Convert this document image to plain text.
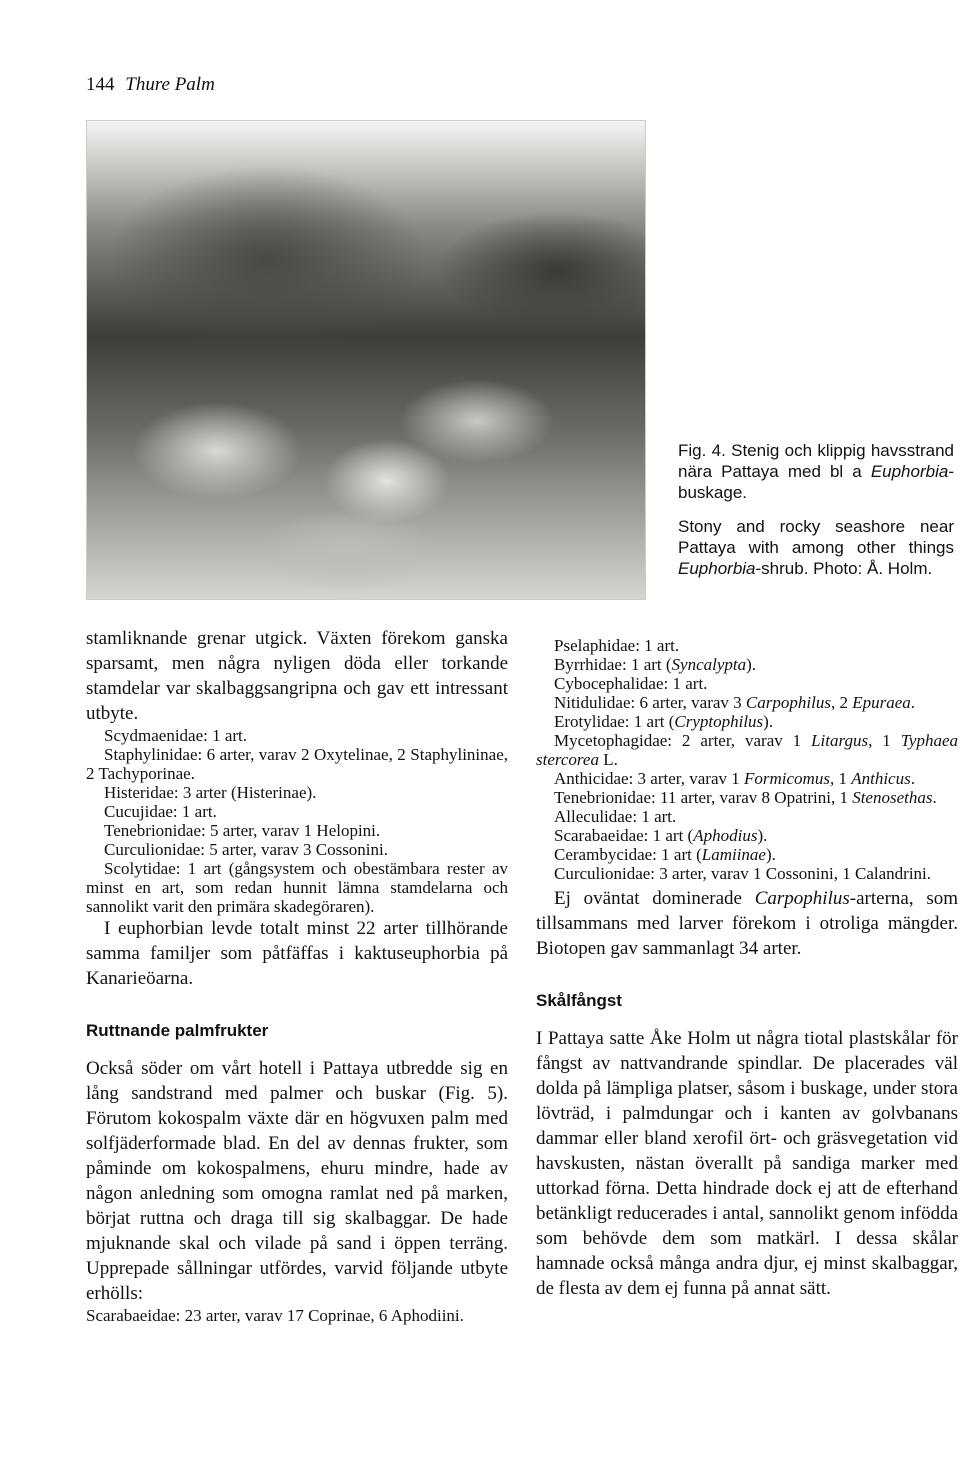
144 Thure Palm
Fig. 4. Stenig och klippig havsstrand nära Pattaya med bl a Euphorbia-buskage.
Stony and rocky seashore near Pattaya with among other things Euphorbia-shrub. Photo: Å. Holm.

stamliknande grenar utgick. Växten förekom ganska sparsamt, men några nyligen döda eller torkande stamdelar var skalbaggsangripna och gav ett intressant utbyte.

Scydmaenidae: 1 art.

Staphylinidae: 6 arter, varav 2 Oxytelinae, 2 Staphylininae, 2 Tachyporinae.

Histeridae: 3 arter (Histerinae).

Cucujidae: 1 art.

Tenebrionidae: 5 arter, varav 1 Helopini.

Curculionidae: 5 arter, varav 3 Cossonini.

Scolytidae: 1 art (gångsystem och obestämbara rester av minst en art, som redan hunnit lämna stamdelarna och sannolikt varit den primära skadegöraren).

I euphorbian levde totalt minst 22 arter tillhörande samma familjer som påtfäffas i kaktuseuphorbia på Kanarieöarna.

Ruttnande palmfrukter

Också söder om vårt hotell i Pattaya utbredde sig en lång sandstrand med palmer och buskar (Fig. 5). Förutom kokospalm växte där en högvuxen palm med solfjäderformade blad. En del av dennas frukter, som påminde om kokospalmens, ehuru mindre, hade av någon anledning som omogna ramlat ned på marken, börjat ruttna och draga till sig skalbaggar. De hade mjuknande skal och vilade på sand i öppen terräng. Upprepade sållningar utfördes, varvid följande utbyte erhölls:

Scarabaeidae: 23 arter, varav 17 Coprinae, 6 Aphodiini.

Pselaphidae: 1 art.

Byrrhidae: 1 art (Syncalypta).

Cybocephalidae: 1 art.

Nitidulidae: 6 arter, varav 3 Carpophilus, 2 Epuraea.

Erotylidae: 1 art (Cryptophilus).

Mycetophagidae: 2 arter, varav 1 Litargus, 1 Typhaea stercorea L.

Anthicidae: 3 arter, varav 1 Formicomus, 1 Anthicus.

Tenebrionidae: 11 arter, varav 8 Opatrini, 1 Stenosethas.

Alleculidae: 1 art.

Scarabaeidae: 1 art (Aphodius).

Cerambycidae: 1 art (Lamiinae).

Curculionidae: 3 arter, varav 1 Cossonini, 1 Calandrini.

Ej oväntat dominerade Carpophilus-arterna, som tillsammans med larver förekom i otroliga mängder. Biotopen gav sammanlagt 34 arter.

Skålfångst

I Pattaya satte Åke Holm ut några tiotal plastskålar för fångst av nattvandrande spindlar. De placerades väl dolda på lämpliga platser, såsom i buskage, under stora lövträd, i palmdungar och i kanten av golvbanans dammar eller bland xerofil ört- och gräsvegetation vid havskusten, nästan överallt på sandiga marker med uttorkad förna. Detta hindrade dock ej att de efterhand betänkligt reducerades i antal, sannolikt genom infödda som behövde dem som matkärl. I dessa skålar hamnade också många andra djur, ej minst skalbaggar, de flesta av dem ej funna på annat sätt.
